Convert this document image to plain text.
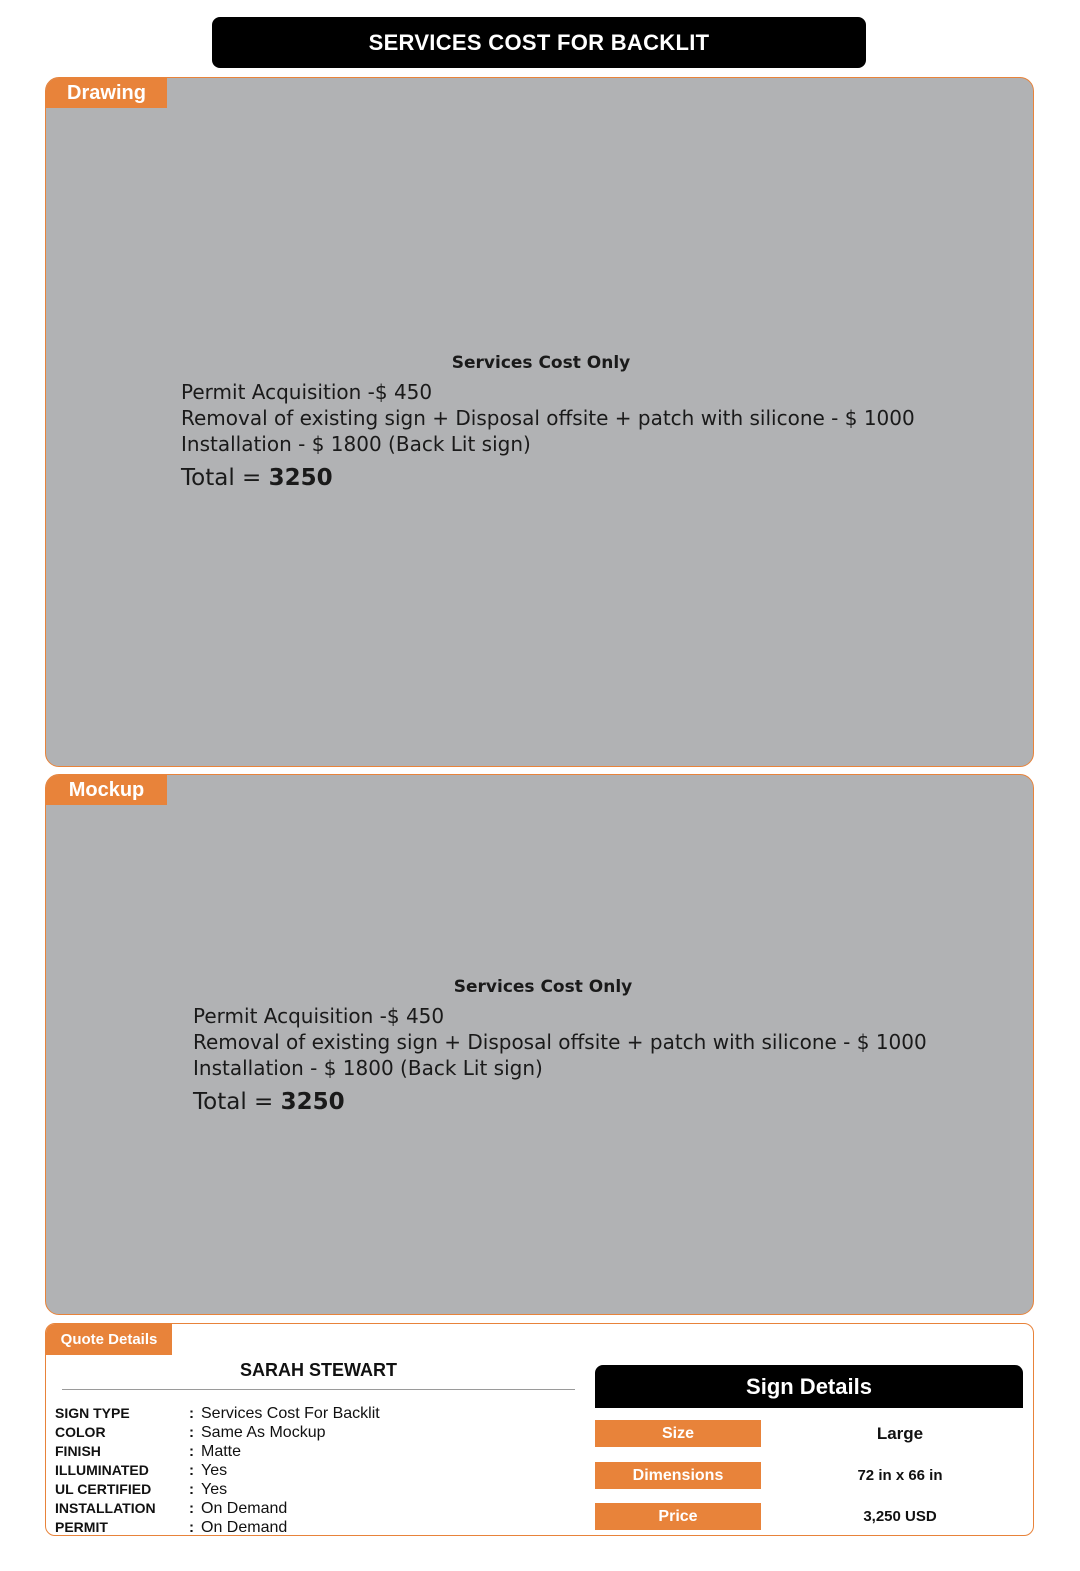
SERVICES COST FOR BACKLIT
Drawing
Services Cost Only
Permit Acquisition -$ 450
Removal of existing sign + Disposal offsite + patch with silicone - $ 1000
Installation - $ 1800 (Back Lit sign)
Total = 3250
Mockup
Services Cost Only
Permit Acquisition -$ 450
Removal of existing sign + Disposal offsite + patch with silicone - $ 1000
Installation - $ 1800 (Back Lit sign)
Total = 3250
Quote Details
SARAH STEWART
SIGN TYPE	: Services Cost For Backlit
COLOR	: Same As Mockup
FINISH	: Matte
ILLUMINATED	: Yes
UL CERTIFIED	: Yes
INSTALLATION	: On Demand
PERMIT	: On Demand
Sign Details
Size	Large
Dimensions	72 in x 66 in
Price	3,250 USD
